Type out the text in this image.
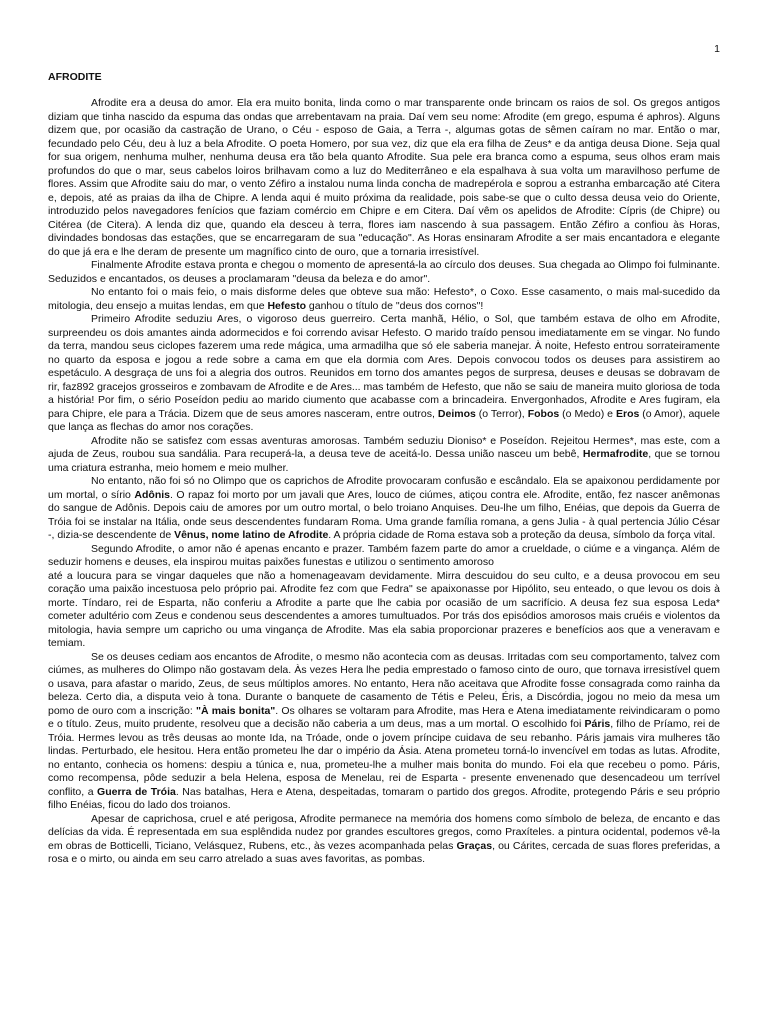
1
AFRODITE

Afrodite era a deusa do amor. Ela era muito bonita, linda como o mar transparente onde brincam os raios de sol. Os gregos antigos diziam que tinha nascido da espuma das ondas que arrebentavam na praia. Daí vem seu nome: Afrodite (em grego, espuma é aphros). Alguns dizem que, por ocasião da castração de Urano, o Céu - esposo de Gaia, a Terra -, algumas gotas de sêmen caíram no mar. Então o mar, fecundado pelo Céu, deu à luz a bela Afrodite. O poeta Homero, por sua vez, diz que ela era filha de Zeus* e da antiga deusa Dione. Seja qual for sua origem, nenhuma mulher, nenhuma deusa era tão bela quanto Afrodite. Sua pele era branca como a espuma, seus olhos eram mais profundos do que o mar, seus cabelos loiros brilhavam como a luz do Mediterrâneo e ela espalhava à sua volta um maravilhoso perfume de flores. Assim que Afrodite saiu do mar, o vento Zéfiro a instalou numa linda concha de madrepérola e soprou a estranha embarcação até Citera e, depois, até as praias da ilha de Chipre. A lenda aqui é muito próxima da realidade, pois sabe-se que o culto dessa deusa veio do Oriente, introduzido pelos navegadores fenícios que faziam comércio em Chipre e em Citera. Daí vêm os apelidos de Afrodite: Cípris (de Chipre) ou Citérea (de Citera). A lenda diz que, quando ela desceu à terra, flores iam nascendo à sua passagem. Então Zéfiro a confiou às Horas, divindades bondosas das estações, que se encarregaram de sua "educação". As Horas ensinaram Afrodite a ser mais encantadora e elegante do que já era e lhe deram de presente um magnífico cinto de ouro, que a tornaria irresistível.

Finalmente Afrodite estava pronta e chegou o momento de apresentá-la ao círculo dos deuses. Sua chegada ao Olimpo foi fulminante. Seduzidos e encantados, os deuses a proclamaram "deusa da beleza e do amor".

No entanto foi o mais feio, o mais disforme deles que obteve sua mão: Hefesto*, o Coxo. Esse casamento, o mais mal-sucedido da mitologia, deu ensejo a muitas lendas, em que Hefesto ganhou o título de "deus dos cornos"!

Primeiro Afrodite seduziu Ares, o vigoroso deus guerreiro. Certa manhã, Hélio, o Sol, que também estava de olho em Afrodite, surpreendeu os dois amantes ainda adormecidos e foi correndo avisar Hefesto. O marido traído pensou imediatamente em se vingar. No fundo da terra, mandou seus ciclopes fazerem uma rede mágica, uma armadilha que só ele saberia manejar. À noite, Hefesto entrou sorrateiramente no quarto da esposa e jogou a rede sobre a cama em que ela dormia com Ares. Depois convocou todos os deuses para assistirem ao espetáculo. A desgraça de uns foi a alegria dos outros. Reunidos em torno dos amantes pegos de surpresa, deuses e deusas se dobravam de rir, faz892 gracejos grosseiros e zombavam de Afrodite e de Ares... mas também de Hefesto, que não se saiu de maneira muito gloriosa de toda a história! Por fim, o sério Poseídon pediu ao marido ciumento que acabasse com a brincadeira. Envergonhados, Afrodite e Ares fugiram, ela para Chipre, ele para a Trácia. Dizem que de seus amores nasceram, entre outros, Deimos (o Terror), Fobos (o Medo) e Eros (o Amor), aquele que lança as flechas do amor nos corações.

Afrodite não se satisfez com essas aventuras amorosas. Também seduziu Dioniso* e Poseídon. Rejeitou Hermes*, mas este, com a ajuda de Zeus, roubou sua sandália. Para recuperá-la, a deusa teve de aceitá-lo. Dessa união nasceu um bebê, Hermafrodite, que se tornou uma criatura estranha, meio homem e meio mulher.

No entanto, não foi só no Olimpo que os caprichos de Afrodite provocaram confusão e escândalo. Ela se apaixonou perdidamente por um mortal, o sírio Adônis. O rapaz foi morto por um javali que Ares, louco de ciúmes, atiçou contra ele. Afrodite, então, fez nascer anêmonas do sangue de Adônis. Depois caiu de amores por um outro mortal, o belo troiano Anquises. Deu-lhe um filho, Enéias, que depois da Guerra de Tróia foi se instalar na Itália, onde seus descendentes fundaram Roma. Uma grande família romana, a gens Julia - à qual pertencia Júlio César -, dizia-se descendente de Vênus, nome latino de Afrodite. A própria cidade de Roma estava sob a proteção da deusa, símbolo da força vital.

Segundo Afrodite, o amor não é apenas encanto e prazer. Também fazem parte do amor a crueldade, o ciúme e a vingança. Além de seduzir homens e deuses, ela inspirou muitas paixões funestas e utilizou o sentimento amoroso

até a loucura para se vingar daqueles que não a homenageavam devidamente. Mirra descuidou do seu culto, e a deusa provocou em seu coração uma paixão incestuosa pelo próprio pai. Afrodite fez com que Fedra" se apaixonasse por Hipólito, seu enteado, o que levou os dois à morte. Tíndaro, rei de Esparta, não conferiu a Afrodite a parte que lhe cabia por ocasião de um sacrifício. A deusa fez sua esposa Leda* cometer adultério com Zeus e condenou seus descendentes a amores tumultuados. Por trás dos episódios amorosos mais cruéis e violentos da mitologia, havia sempre um capricho ou uma vingança de Afrodite. Mas ela sabia proporcionar prazeres e benefícios aos que a veneravam e temiam.

Se os deuses cediam aos encantos de Afrodite, o mesmo não acontecia com as deusas. Irritadas com seu comportamento, talvez com ciúmes, as mulheres do Olimpo não gostavam dela. Às vezes Hera lhe pedia emprestado o famoso cinto de ouro, que tornava irresistível quem o usava, para afastar o marido, Zeus, de seus múltiplos amores. No entanto, Hera não aceitava que Afrodite fosse consagrada como rainha da beleza. Certo dia, a disputa veio à tona. Durante o banquete de casamento de Tétis e Peleu, Éris, a Discórdia, jogou no meio da mesa um pomo de ouro com a inscrição: "À mais bonita". Os olhares se voltaram para Afrodite, mas Hera e Atena imediatamente reivindicaram o pomo e o título. Zeus, muito prudente, resolveu que a decisão não caberia a um deus, mas a um mortal. O escolhido foi Páris, filho de Príamo, rei de Tróia. Hermes levou as três deusas ao monte Ida, na Tróade, onde o jovem príncipe cuidava de seu rebanho. Páris jamais vira mulheres tão lindas. Perturbado, ele hesitou. Hera então prometeu lhe dar o império da Ásia. Atena prometeu torná-lo invencível em todas as lutas. Afrodite, no entanto, conhecia os homens: despiu a túnica e, nua, prometeu-lhe a mulher mais bonita do mundo. Foi ela que recebeu o pomo. Páris, como recompensa, pôde seduzir a bela Helena, esposa de Menelau, rei de Esparta - presente envenenado que desencadeou um terrível conflito, a Guerra de Tróia. Nas batalhas, Hera e Atena, despeitadas, tomaram o partido dos gregos. Afrodite, protegendo Páris e seu próprio filho Enéias, ficou do lado dos troianos.

Apesar de caprichosa, cruel e até perigosa, Afrodite permanece na memória dos homens como símbolo de beleza, de encanto e das delícias da vida. É representada em sua esplêndida nudez por grandes escultores gregos, como Praxíteles. a pintura ocidental, podemos vê-la em obras de Botticelli, Ticiano, Velásquez, Rubens, etc., às vezes acompanhada pelas Graças, ou Cárites, cercada de suas flores preferidas, a rosa e o mirto, ou ainda em seu carro atrelado a suas aves favoritas, as pombas.
